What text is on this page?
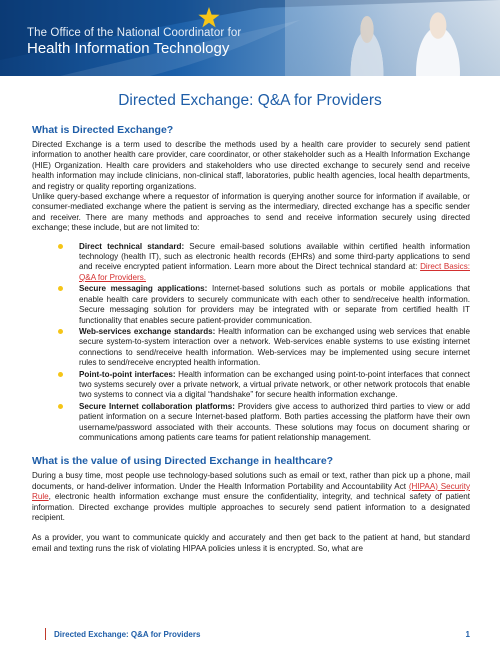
The Office of the National Coordinator for
Health Information Technology
Directed Exchange: Q&A for Providers
What is Directed Exchange?

Directed Exchange is a term used to describe the methods used by a health care provider to securely send patient information to another health care provider, care coordinator, or other stakeholder such as a Health Information Exchange (HIE) Organization. Health care providers and stakeholders who use directed exchange to securely send and receive health information may include clinicians, non-clinical staff, laboratories, public health agencies, local health departments, and registry or quality reporting organizations.

Unlike query-based exchange where a requestor of information is querying another source for information if available, or consumer-mediated exchange where the patient is serving as the intermediary, directed exchange has a specific sender and receiver. There are many methods and approaches to send and receive information securely using directed exchange; these include, but are not limited to:

Direct technical standard: Secure email-based solutions available within certified health information technology (health IT), such as electronic health records (EHRs) and some third-party applications to send and receive encrypted patient information. Learn more about the Direct technical standard at: Direct Basics: Q&A for Providers.
Secure messaging applications: Internet-based solutions such as portals or mobile applications that enable health care providers to securely communicate with each other to send/receive health information. Secure messaging solution for providers may be integrated with or separate from certified health IT functionality that enables secure patient-provider communication.
Web-services exchange standards: Health information can be exchanged using web services that enable secure system-to-system interaction over a network. Web-services enable systems to use existing internet connections to send/receive health information. Web-services may be implemented using secure internet rules to send/receive encrypted health information.
Point-to-point interfaces: Health information can be exchanged using point-to-point interfaces that connect two systems securely over a private network, a virtual private network, or other network protocols that enable two systems to connect via a digital “handshake” for secure health information exchange.
Secure Internet collaboration platforms: Providers give access to authorized third parties to view or add patient information on a secure Internet-based platform. Both parties accessing the platform have their own username/password associated with their accounts. These solutions may focus on document sharing or communications among patients care teams for patient relationship management.
What is the value of using Directed Exchange in healthcare?

During a busy time, most people use technology-based solutions such as email or text, rather than pick up a phone, mail documents, or hand-deliver information. Under the Health Information Portability and Accountability Act (HIPAA) Security Rule, electronic health information exchange must ensure the confidentiality, integrity, and technical safety of patient information. Directed exchange provides multiple approaches to securely send patient information to a designated recipient.

As a provider, you want to communicate quickly and accurately and then get back to the patient at hand, but standard email and texting runs the risk of violating HIPAA policies unless it is encrypted. So, what are

Directed Exchange: Q&A for Providers	1
